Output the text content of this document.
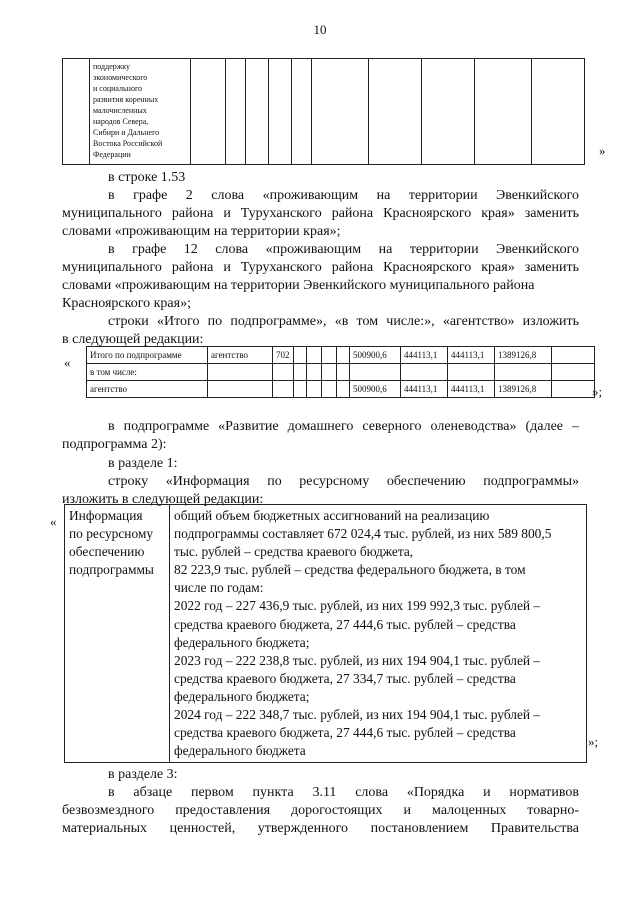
10

поддержку
экономического
и социального
развития коренных
малочисленных
народов Севера,
Сибири и Дальнего
Востока Российской
Федерации
											»
в строке 1.53
в графе 2 слова «проживающим на территории Эвенкийского
муниципального района и Туруханского района Красноярского края» заменить
словами «проживающим на территории края»;
в графе 12 слова «проживающим на территории Эвенкийского
муниципального района и Туруханского района Красноярского края» заменить
словами «проживающим на территории Эвенкийского муниципального района
Красноярского края»;
строки «Итого по подпрограмме», «в том числе:», «агентство» изложить
в следующей редакции:
« Итого по подпрограмме	агентство	702					500900,6	444113,1	444113,1	1389126,8	
в том числе:											
агентство							500900,6	444113,1	444113,1	1389126,8		»;
в подпрограмме «Развитие домашнего северного оленеводства» (далее –
подпрограмма 2):
в разделе 1:
строку «Информация по ресурсному обеспечению подпрограммы»
изложить в следующей редакции:
« Информация
по ресурсному
обеспечению
подпрограммы

общий объем бюджетных ассигнований на реализацию
подпрограммы составляет 672 024,4 тыс. рублей, из них 589 800,5
тыс. рублей – средства краевого бюджета,
82 223,9 тыс. рублей – средства федерального бюджета, в том
числе по годам:
2022 год – 227 436,9 тыс. рублей, из них 199 992,3 тыс. рублей –
средства краевого бюджета, 27 444,6 тыс. рублей – средства
федерального бюджета;
2023 год – 222 238,8 тыс. рублей, из них 194 904,1 тыс. рублей –
средства краевого бюджета, 27 334,7 тыс. рублей – средства
федерального бюджета;
2024 год – 222 348,7 тыс. рублей, из них 194 904,1 тыс. рублей –
средства краевого бюджета, 27 444,6 тыс. рублей – средства
федерального бюджета
»;
в разделе 3:
в абзаце первом пункта 3.11 слова «Порядка и нормативов
безвозмездного предоставления дорогостоящих и малоценных товарно-
материальных ценностей, утвержденного постановлением Правительства
